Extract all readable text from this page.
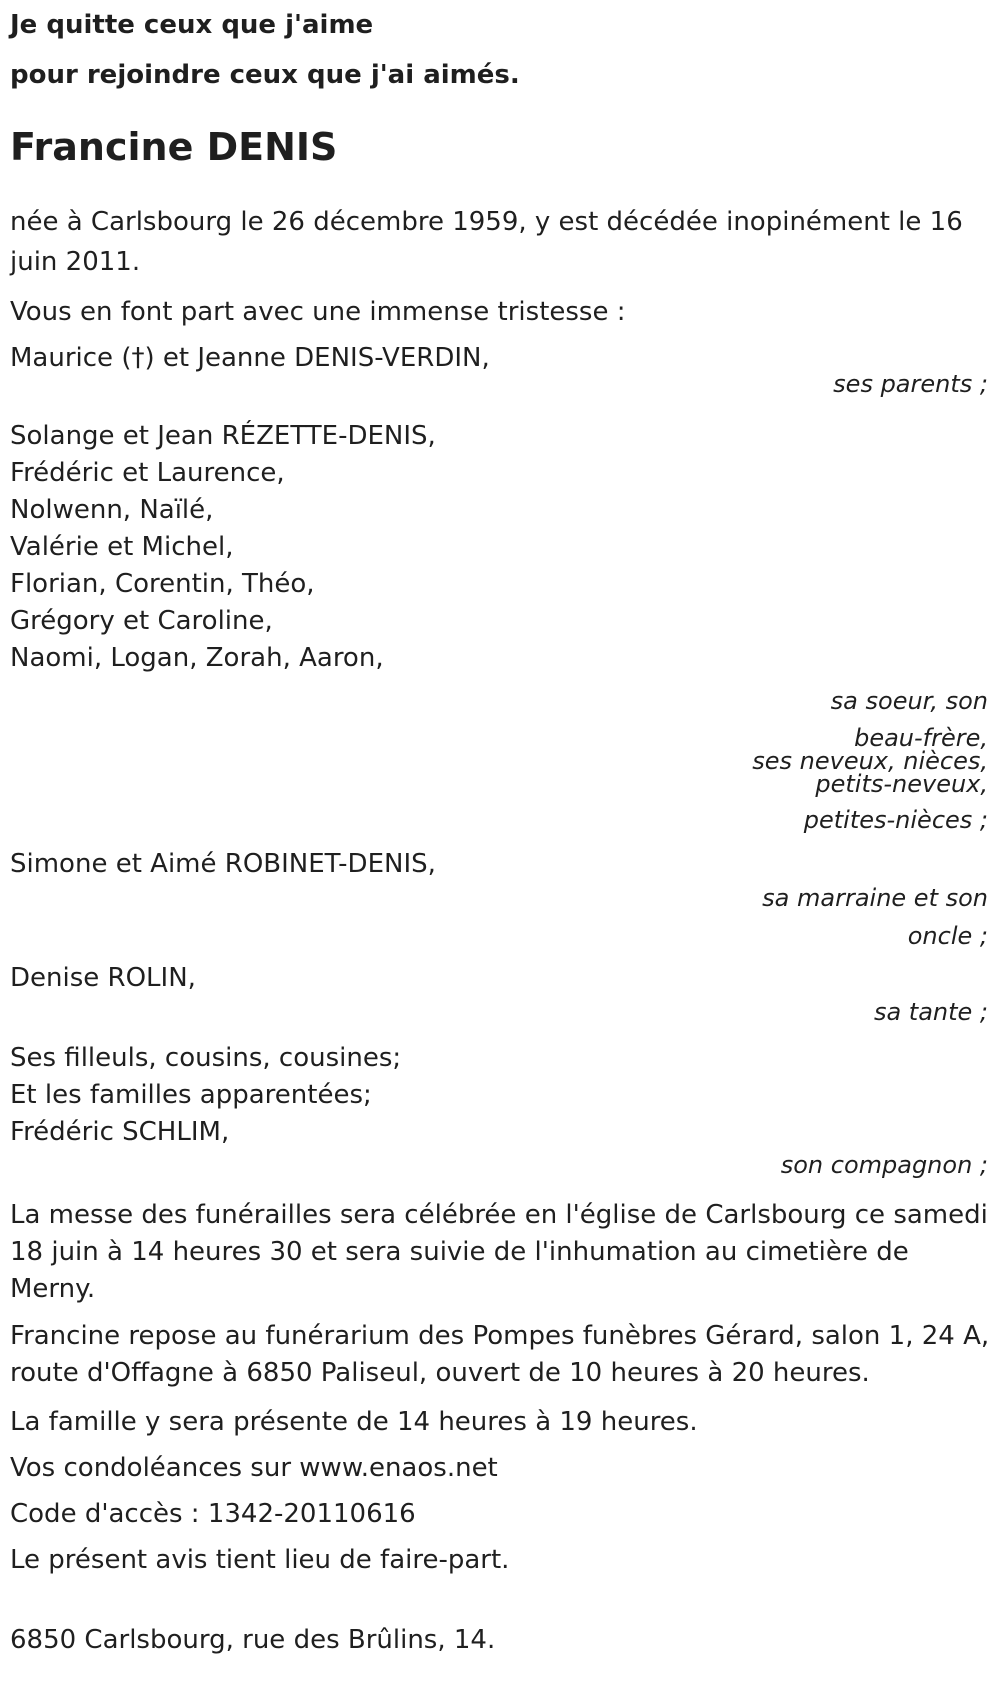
Je quitte ceux que j'aime

pour rejoindre ceux que j'ai aimés.

Francine DENIS

née à Carlsbourg le 26 décembre 1959, y est décédée inopinément le 16 juin 2011.

Vous en font part avec une immense tristesse :

Maurice (†) et Jeanne DENIS-VERDIN,

ses parents ;

Solange et Jean RÉZETTE-DENIS,

Frédéric et Laurence,

Nolwenn, Naïlé,

Valérie et Michel,

Florian, Corentin, Théo,

Grégory et Caroline,

Naomi, Logan, Zorah, Aaron,

sa soeur, son

beau-frère,

ses neveux, nièces,

petits-neveux,

petites-nièces ;

Simone et Aimé ROBINET-DENIS,

sa marraine et son

oncle ;

Denise ROLIN,

sa tante ;

Ses filleuls, cousins, cousines;

Et les familles apparentées;

Frédéric SCHLIM,

son compagnon ;

La messe des funérailles sera célébrée en l'église de Carlsbourg ce samedi 18 juin à 14 heures 30 et sera suivie de l'inhumation au cimetière de Merny.

Francine repose au funérarium des Pompes funèbres Gérard, salon 1, 24 A, route d'Offagne à 6850 Paliseul, ouvert de 10 heures à 20 heures.

La famille y sera présente de 14 heures à 19 heures.

Vos condoléances sur www.enaos.net

Code d'accès : 1342-20110616

Le présent avis tient lieu de faire-part.

6850 Carlsbourg, rue des Brûlins, 14.
